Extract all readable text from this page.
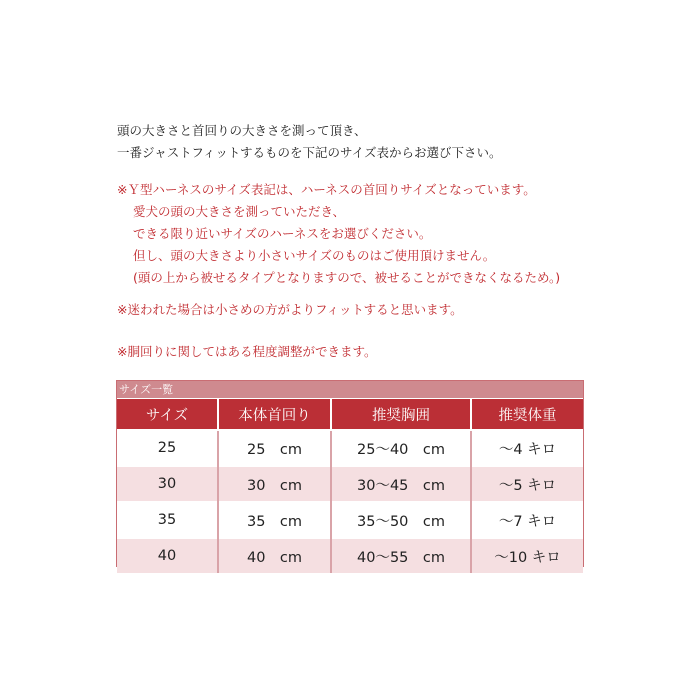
頭の大きさと首回りの大きさを測って頂き、
一番ジャストフィットするものを下記のサイズ表からお選び下さい。
※Ｙ型ハーネスのサイズ表記は、ハーネスの首回りサイズとなっています。
愛犬の頭の大きさを測っていただき、
できる限り近いサイズのハーネスをお選びください。
但し、頭の大きさより小さいサイズのものはご使用頂けません。
(頭の上から被せるタイプとなりますので、被せることができなくなるため。)
※迷われた場合は小さめの方がよりフィットすると思います。
※胴回りに関してはある程度調整ができます。
サイズ一覧
サイズ	本体首回り	推奨胸囲	推奨体重
25	25　cm	25～40　cm	～4 キロ
30	30　cm	30～45　cm	～5 キロ
35	35　cm	35～50　cm	～7 キロ
40	40　cm	40～55　cm	～10 キロ
